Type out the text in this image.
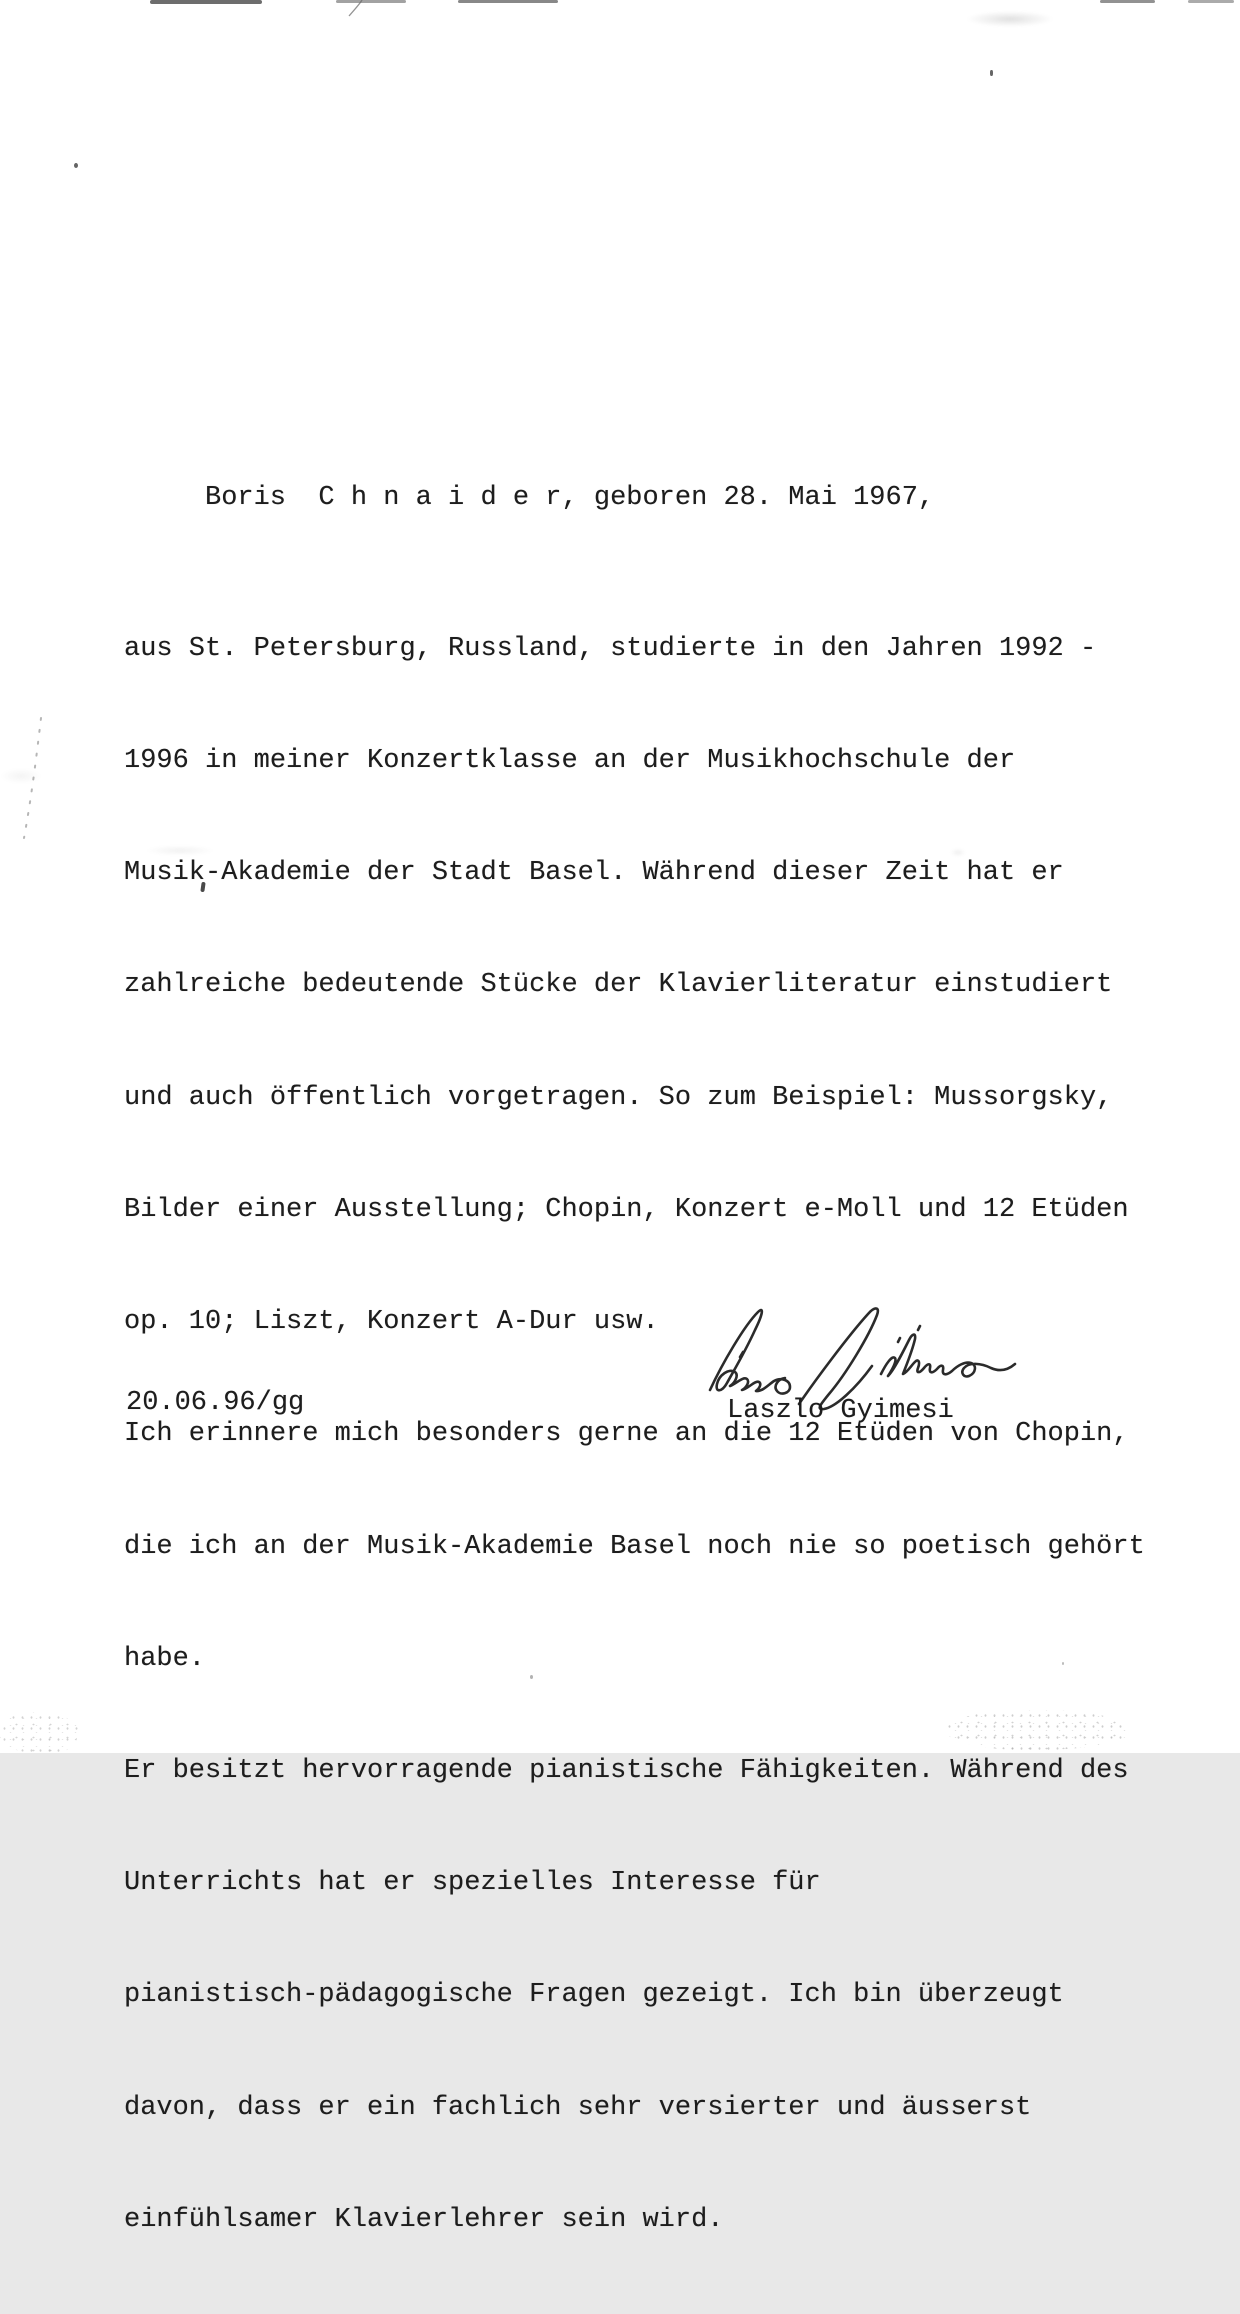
Boris  C h n a i d e r, geboren 28. Mai 1967,

aus St. Petersburg, Russland, studierte in den Jahren 1992 -

1996 in meiner Konzertklasse an der Musikhochschule der

Musik-Akademie der Stadt Basel. Während dieser Zeit hat er

zahlreiche bedeutende Stücke der Klavierliteratur einstudiert

und auch öffentlich vorgetragen. So zum Beispiel: Mussorgsky,

Bilder einer Ausstellung; Chopin, Konzert e-Moll und 12 Etüden

op. 10; Liszt, Konzert A-Dur usw.

Ich erinnere mich besonders gerne an die 12 Etüden von Chopin,

die ich an der Musik-Akademie Basel noch nie so poetisch gehört

habe.

Er besitzt hervorragende pianistische Fähigkeiten. Während des

Unterrichts hat er spezielles Interesse für

pianistisch-pädagogische Fragen gezeigt. Ich bin überzeugt

davon, dass er ein fachlich sehr versierter und äusserst

einfühlsamer Klavierlehrer sein wird.

20.06.96/gg	Laszlo Gyimesi
